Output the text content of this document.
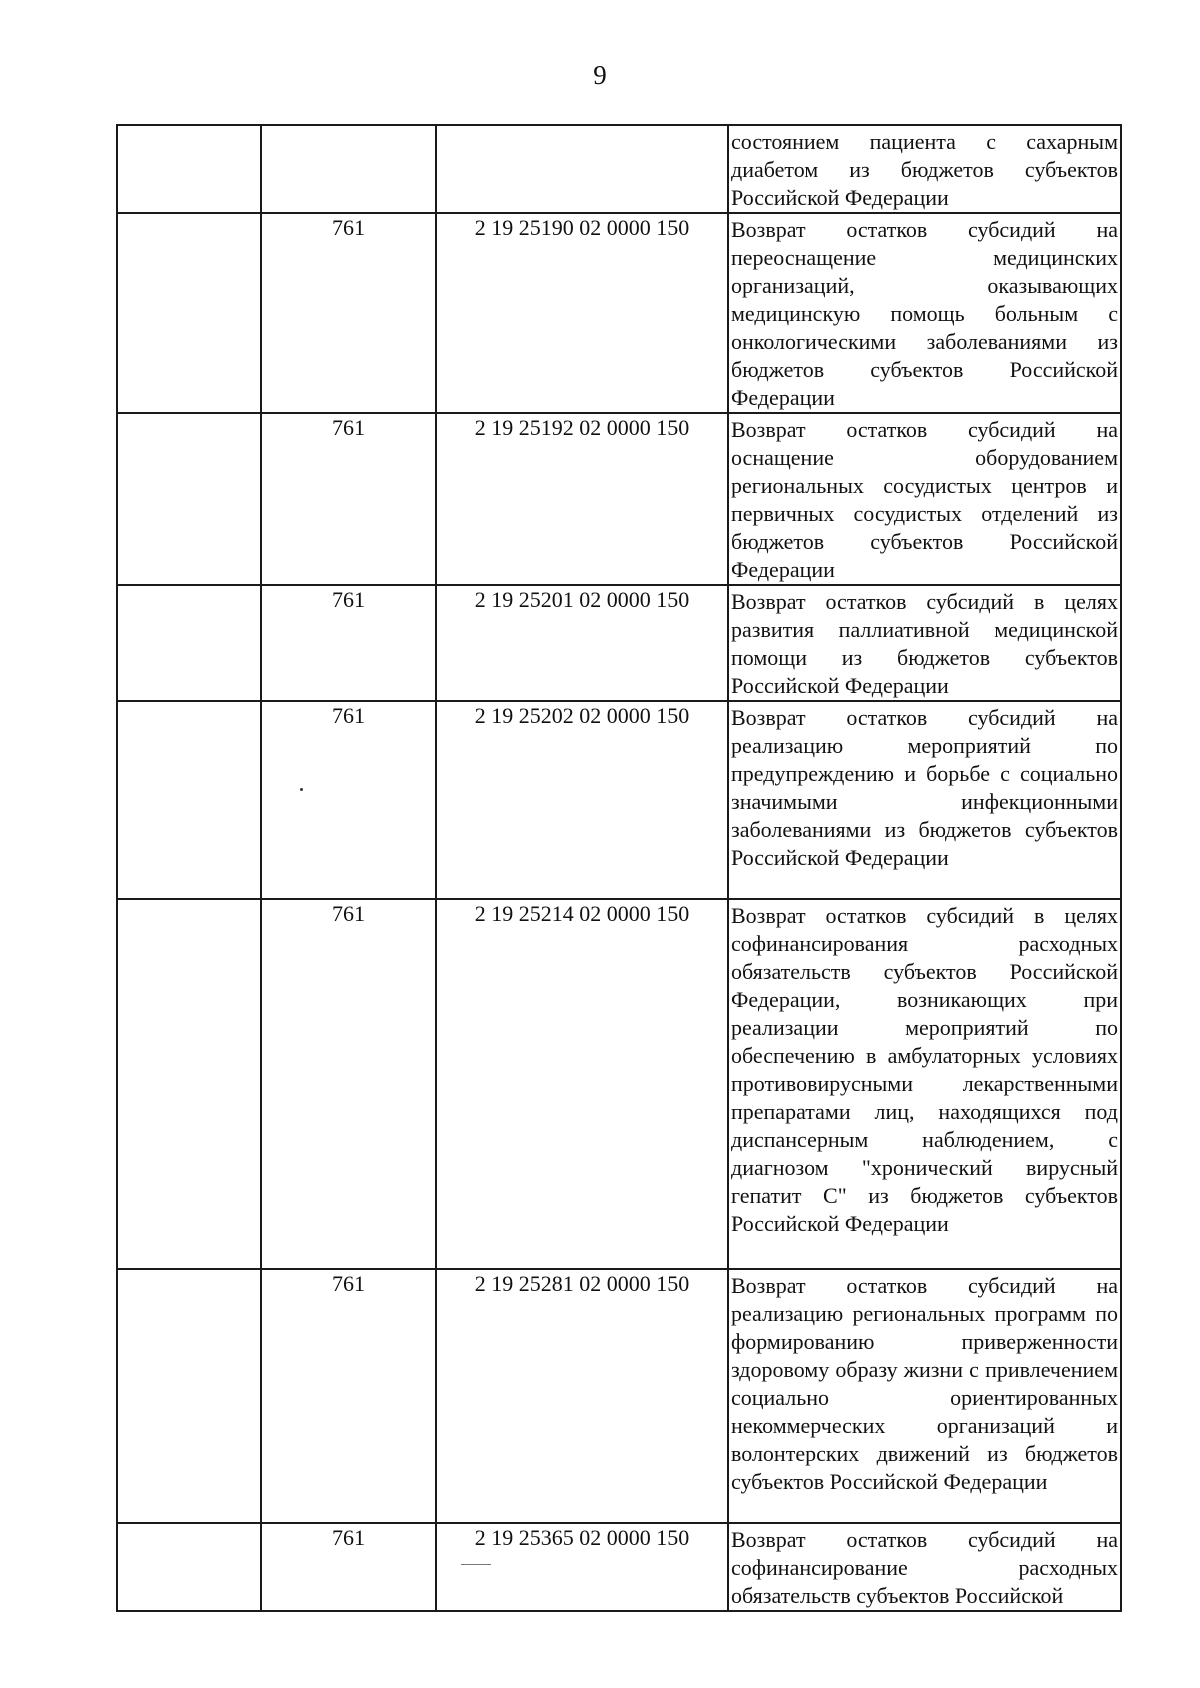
9

			состоянием пациента с сахарным диабетом из бюджетов субъектов Российской Федерации

	761	2 19 25190 02 0000 150	Возврат остатков субсидий на переоснащение медицинских организаций, оказывающих медицинскую помощь больным с онкологическими заболеваниями из бюджетов субъектов Российской Федерации

	761	2 19 25192 02 0000 150	Возврат остатков субсидий на оснащение оборудованием региональных сосудистых центров и первичных сосудистых отделений из бюджетов субъектов Российской Федерации

	761	2 19 25201 02 0000 150	Возврат остатков субсидий в целях развития паллиативной медицинской помощи из бюджетов субъектов Российской Федерации

	761	2 19 25202 02 0000 150	Возврат остатков субсидий на реализацию мероприятий по предупреждению и борьбе с социально значимыми инфекционными заболеваниями из бюджетов субъектов Российской Федерации

	761	2 19 25214 02 0000 150	Возврат остатков субсидий в целях софинансирования расходных обязательств субъектов Российской Федерации, возникающих при реализации мероприятий по обеспечению в амбулаторных условиях противовирусными лекарственными препаратами лиц, находящихся под диспансерным наблюдением, с диагнозом "хронический вирусный гепатит С" из бюджетов субъектов Российской Федерации

	761	2 19 25281 02 0000 150	Возврат остатков субсидий на реализацию региональных программ по формированию приверженности здоровому образу жизни с привлечением социально ориентированных некоммерческих организаций и волонтерских движений из бюджетов субъектов Российской Федерации

	761	2 19 25365 02 0000 150	Возврат остатков субсидий на софинансирование расходных обязательств субъектов Российской
